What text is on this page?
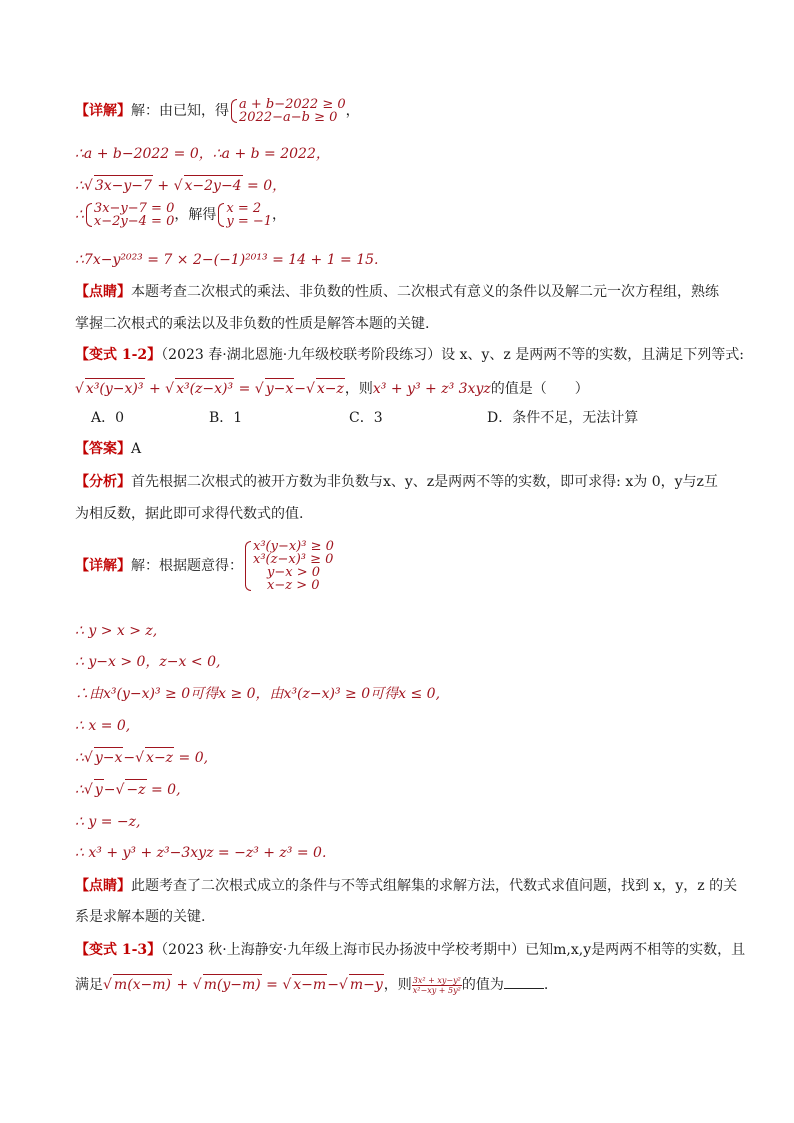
【详解】解：由已知，得 a + b−2022 ≥ 0
2022−a−b ≥ 0 ，
∴a + b−2022 = 0，∴a + b = 2022，
∴√ 3x−y−7 + √ x−2y−4 = 0，
∴ 3x−y−7 = 0
x−2y−4 = 0 ，解得 x = 2
y = −1 ，
∴7x−y²⁰²³ = 7 × 2−(−1)²⁰¹³ = 14 + 1 = 15.
【点睛】本题考查二次根式的乘法、非负数的性质、二次根式有意义的条件以及解二元一次方程组，熟练
掌握二次根式的乘法以及非负数的性质是解答本题的关键.
【变式 1-2】（2023 春·湖北恩施·九年级校联考阶段练习）设 x、y、z 是两两不等的实数，且满足下列等式:
√ x³(y−x)³ + √ x³(z−x)³ = √ y−x−√ x−z，则x³ + y³ + z³ 3xyz的值是（　　）
A．0	B．1	C．3	D．条件不足，无法计算
【答案】A
【分析】首先根据二次根式的被开方数为非负数与x、y、z是两两不等的实数，即可求得: x为 0，y与z互
为相反数，据此即可求得代数式的值.
【详解】解：根据题意得：
x³(y−x)³ ≥ 0
x³(z−x)³ ≥ 0
y−x > 0
x−z > 0
∴ y > x > z,
∴ y−x > 0，z−x < 0,
∴由x³(y−x)³ ≥ 0可得x ≥ 0，由x³(z−x)³ ≥ 0可得x ≤ 0,
∴ x = 0,
∴√ y−x−√ x−z = 0,
∴√ y−√ −z = 0,
∴ y = −z,
∴ x³ + y³ + z³−3xyz = −z³ + z³ = 0.
【点睛】此题考查了二次根式成立的条件与不等式组解集的求解方法，代数式求值问题，找到 x，y，z 的关
系是求解本题的关键.
【变式 1-3】（2023 秋·上海静安·九年级上海市民办扬波中学校考期中）已知m,x,y是两两不相等的实数，且
满足√ m(x−m) + √ m(y−m) = √ x−m−√ m−y，则 $\frac{\text{3x² + xy−y²}}{\text{x²−xy + 5y²}}$ 的值为	.
